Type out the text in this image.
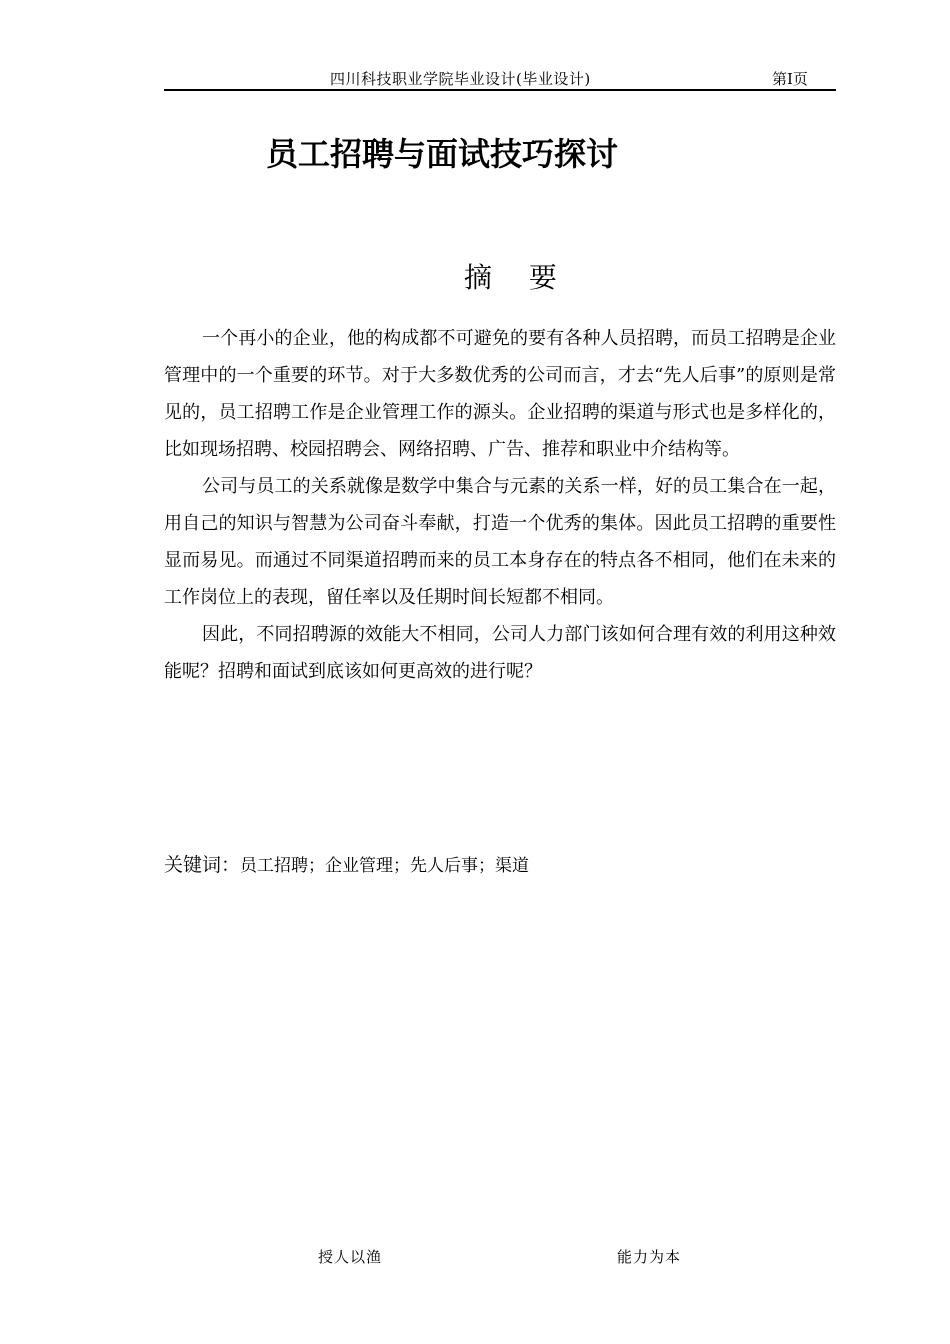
四川科技职业学院毕业设计(毕业设计)	第I页
员工招聘与面试技巧探讨
摘 要

一个再小的企业，他的构成都不可避免的要有各种人员招聘，而员工招聘是企业管理中的一个重要的环节。对于大多数优秀的公司而言，才去“先人后事”的原则是常见的，员工招聘工作是企业管理工作的源头。企业招聘的渠道与形式也是多样化的，比如现场招聘、校园招聘会、网络招聘、广告、推荐和职业中介结构等。

公司与员工的关系就像是数学中集合与元素的关系一样，好的员工集合在一起，用自己的知识与智慧为公司奋斗奉献，打造一个优秀的集体。因此员工招聘的重要性显而易见。而通过不同渠道招聘而来的员工本身存在的特点各不相同，他们在未来的工作岗位上的表现，留任率以及任期时间长短都不相同。

因此，不同招聘源的效能大不相同，公司人力部门该如何合理有效的利用这种效能呢？招聘和面试到底该如何更高效的进行呢？

关键词：员工招聘；企业管理；先人后事；渠道
授人以渔	能力为本
